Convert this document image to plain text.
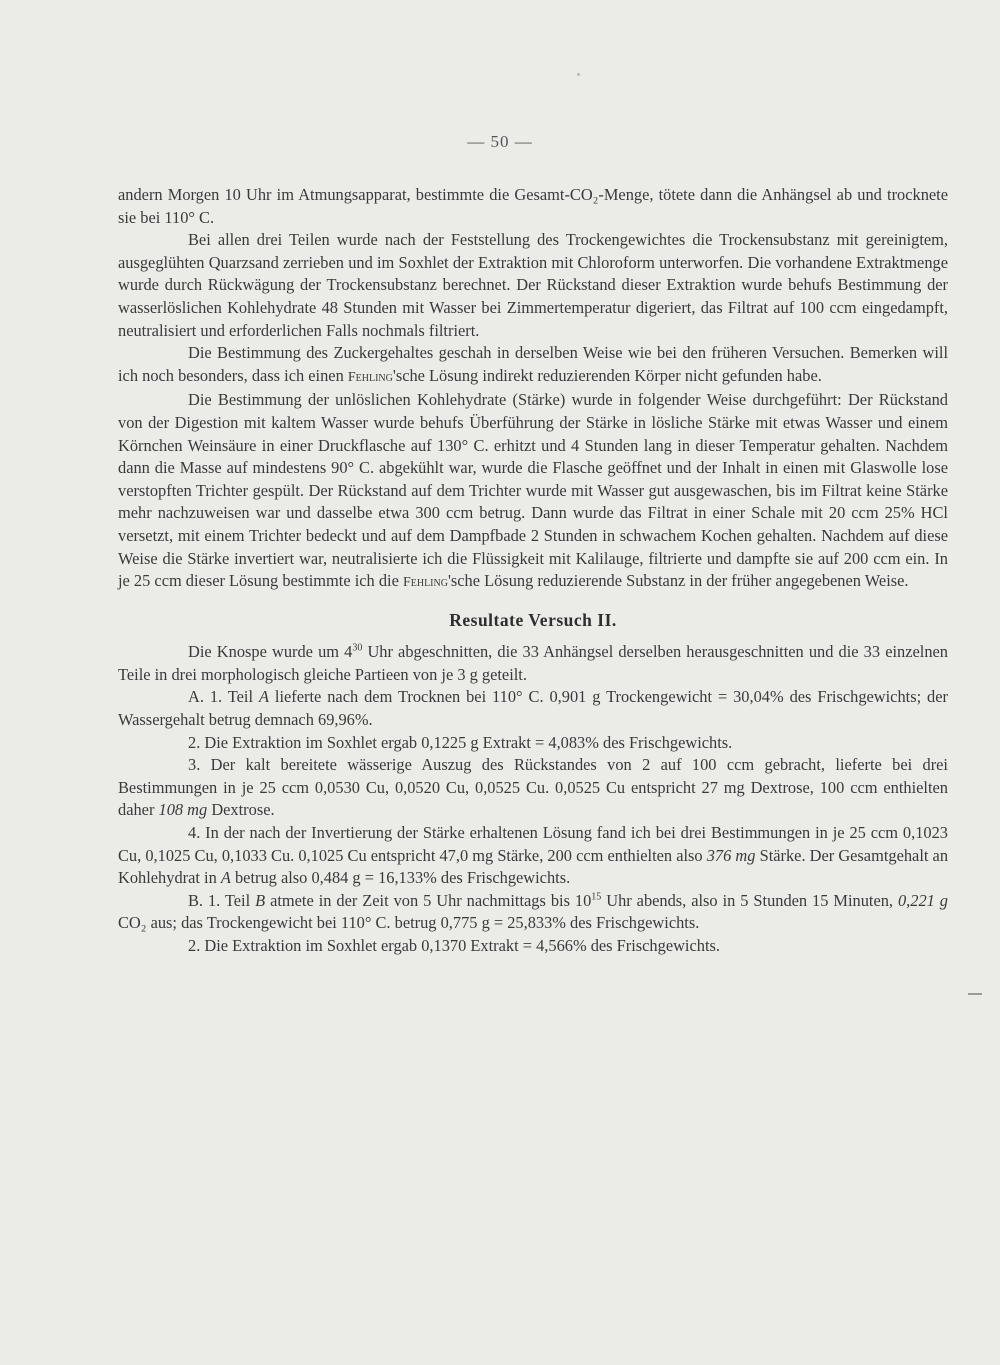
— 50 —

andern Morgen 10 Uhr im Atmungsapparat, bestimmte die Gesamt-CO₂-Menge, tötete dann die Anhängsel ab und trocknete sie bei 110° C.

Bei allen drei Teilen wurde nach der Feststellung des Trockengewichtes die Trockensubstanz mit gereinigtem, ausgeglühten Quarzsand zerrieben und im Soxhlet der Extraktion mit Chloroform unterworfen. Die vorhandene Extraktmenge wurde durch Rückwägung der Trockensubstanz berechnet. Der Rückstand dieser Extraktion wurde behufs Bestimmung der wasserlöslichen Kohlehydrate 48 Stunden mit Wasser bei Zimmertemperatur digeriert, das Filtrat auf 100 ccm eingedampft, neutralisiert und erforderlichen Falls nochmals filtriert.

Die Bestimmung des Zuckergehaltes geschah in derselben Weise wie bei den früheren Versuchen. Bemerken will ich noch besonders, dass ich einen Fehling'sche Lösung indirekt reduzierenden Körper nicht gefunden habe.

Die Bestimmung der unlöslichen Kohlehydrate (Stärke) wurde in folgender Weise durchgeführt: Der Rückstand von der Digestion mit kaltem Wasser wurde behufs Überführung der Stärke in lösliche Stärke mit etwas Wasser und einem Körnchen Weinsäure in einer Druckflasche auf 130° C. erhitzt und 4 Stunden lang in dieser Temperatur gehalten. Nachdem dann die Masse auf mindestens 90° C. abgekühlt war, wurde die Flasche geöffnet und der Inhalt in einen mit Glaswolle lose verstopften Trichter gespült. Der Rückstand auf dem Trichter wurde mit Wasser gut ausgewaschen, bis im Filtrat keine Stärke mehr nachzuweisen war und dasselbe etwa 300 ccm betrug. Dann wurde das Filtrat in einer Schale mit 20 ccm 25% HCl versetzt, mit einem Trichter bedeckt und auf dem Dampfbade 2 Stunden in schwachem Kochen gehalten. Nachdem auf diese Weise die Stärke invertiert war, neutralisierte ich die Flüssigkeit mit Kalilauge, filtrierte und dampfte sie auf 200 ccm ein. In je 25 ccm dieser Lösung bestimmte ich die Fehling'sche Lösung reduzierende Substanz in der früher angegebenen Weise.

Resultate Versuch II.

Die Knospe wurde um $4^{30}$ Uhr abgeschnitten, die 33 Anhängsel derselben herausgeschnitten und die 33 einzelnen Teile in drei morphologisch gleiche Partieen von je 3 g geteilt.

A. 1. Teil A lieferte nach dem Trocknen bei 110° C. 0,901 g Trockengewicht = 30,04% des Frischgewichts; der Wassergehalt betrug demnach 69,96%.

2. Die Extraktion im Soxhlet ergab 0,1225 g Extrakt = 4,083% des Frischgewichts.

3. Der kalt bereitete wässerige Auszug des Rückstandes von 2 auf 100 ccm gebracht, lieferte bei drei Bestimmungen in je 25 ccm 0,0530 Cu, 0,0520 Cu, 0,0525 Cu. 0,0525 Cu entspricht 27 mg Dextrose, 100 ccm enthielten daher 108 mg Dextrose.

4. In der nach der Invertierung der Stärke erhaltenen Lösung fand ich bei drei Bestimmungen in je 25 ccm 0,1023 Cu, 0,1025 Cu, 0,1033 Cu. 0,1025 Cu entspricht 47,0 mg Stärke, 200 ccm enthielten also 376 mg Stärke. Der Gesamtgehalt an Kohlehydrat in A betrug also 0,484 g = 16,133% des Frischgewichts.

B. 1. Teil B atmete in der Zeit von 5 Uhr nachmittags bis $10^{15}$ Uhr abends, also in 5 Stunden 15 Minuten, 0,221 g CO₂ aus; das Trockengewicht bei 110° C. betrug 0,775 g = 25,833% des Frischgewichts.

2. Die Extraktion im Soxhlet ergab 0,1370 Extrakt = 4,566% des Frischgewichts.
